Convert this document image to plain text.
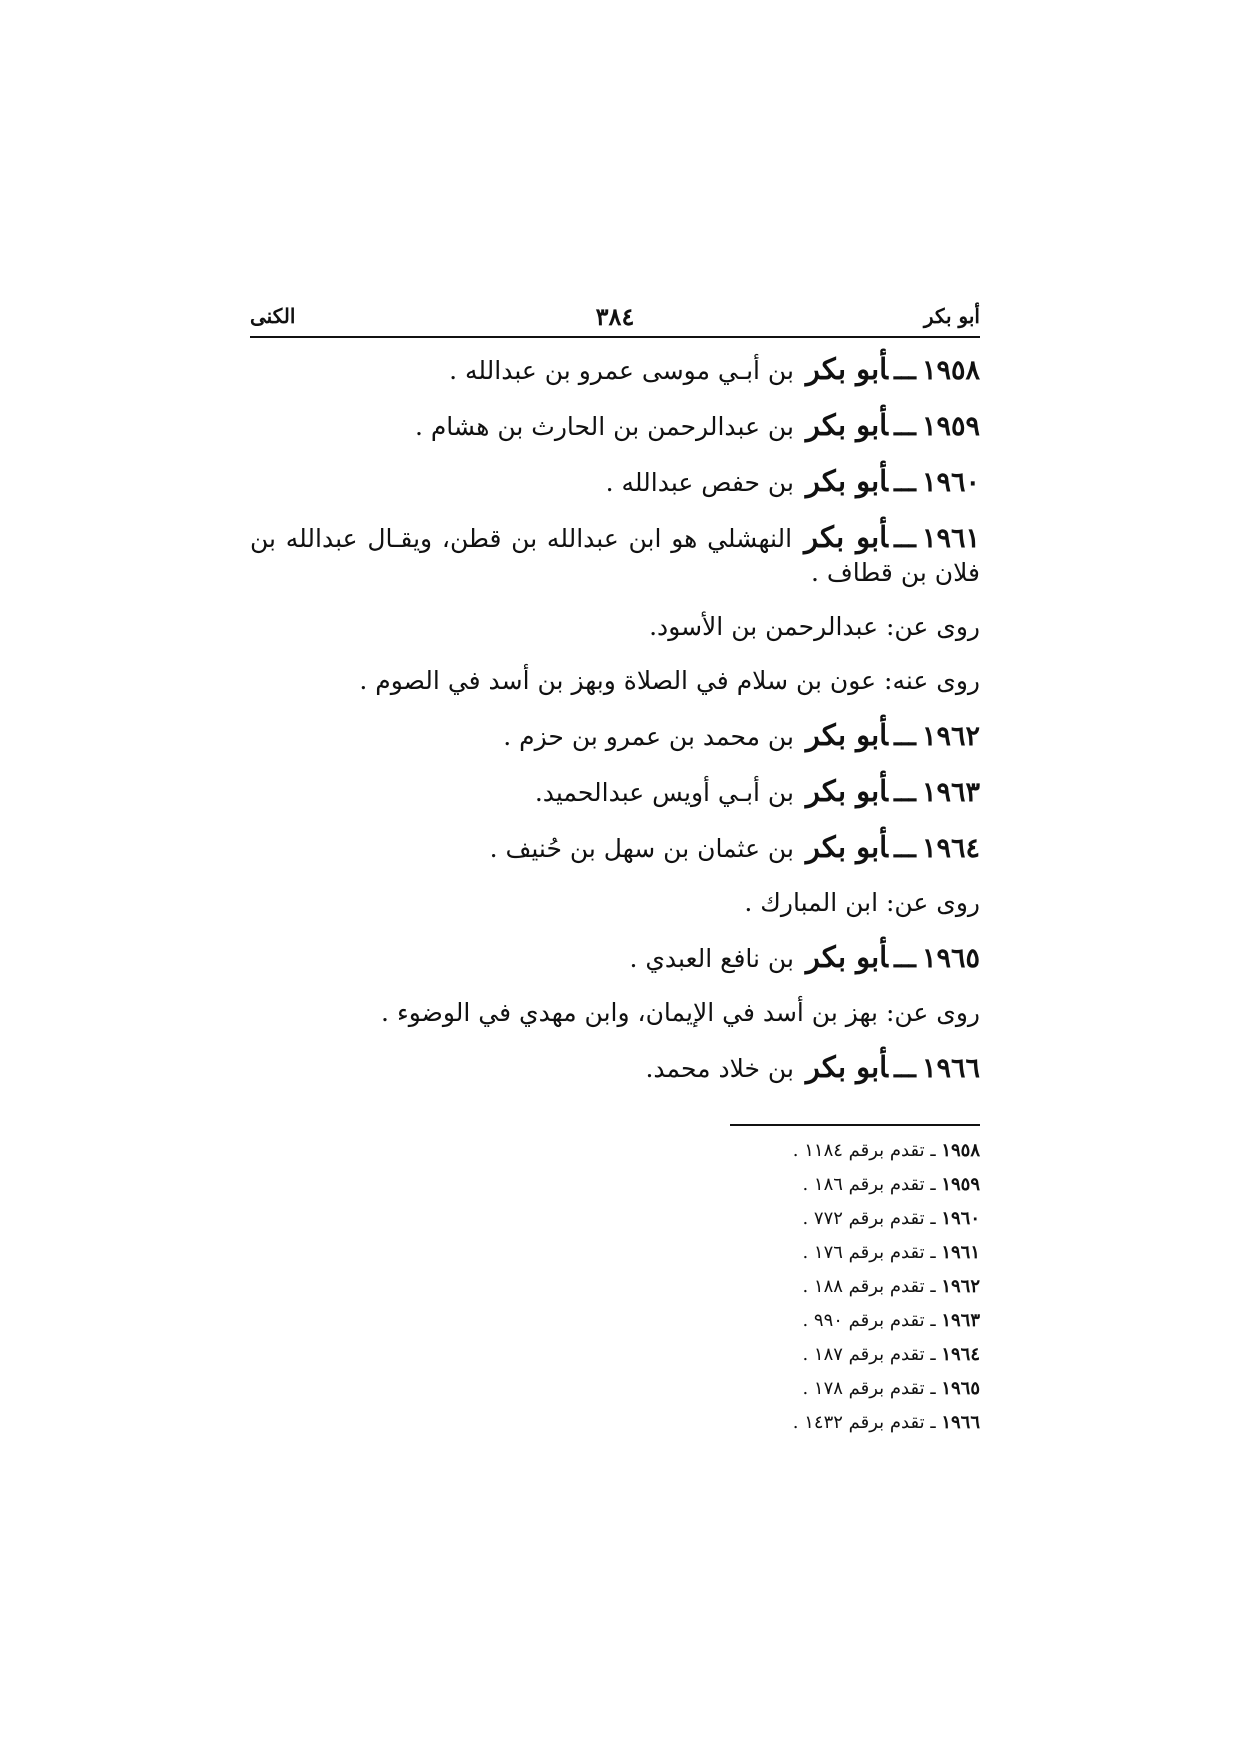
أبو بكر
٣٨٤
الكنى
١٩٥٨ـــأبو بكربن أبـي موسى عمرو بن عبدالله .
١٩٥٩ـــأبو بكربن عبدالرحمن بن الحارث بن هشام .
١٩٦٠ـــأبو بكربن حفص عبدالله .
١٩٦١ـــأبو بكرالنهشلي هو ابن عبدالله بن قطن، ويقـال عبدالله بن فلان بن قطاف .
روى عن: عبدالرحمن بن الأسود.
روى عنه: عون بن سلام في الصلاة وبهز بن أسد في الصوم .
١٩٦٢ـــأبو بكربن محمد بن عمرو بن حزم .
١٩٦٣ـــأبو بكربن أبـي أويس عبدالحميد.
١٩٦٤ـــأبو بكربن عثمان بن سهل بن حُنيف .
روى عن: ابن المبارك .
١٩٦٥ـــأبو بكربن نافع العبدي .
روى عن: بهز بن أسد في الإيمان، وابن مهدي في الوضوء .
١٩٦٦ـــأبو بكربن خلاد محمد.
١٩٥٨ ـ تقدم برقم ١١٨٤ .
١٩٥٩ ـ تقدم برقم ١٨٦ .
١٩٦٠ ـ تقدم برقم ٧٧٢ .
١٩٦١ ـ تقدم برقم ١٧٦ .
١٩٦٢ ـ تقدم برقم ١٨٨ .
١٩٦٣ ـ تقدم برقم ٩٩٠ .
١٩٦٤ ـ تقدم برقم ١٨٧ .
١٩٦٥ ـ تقدم برقم ١٧٨ .
١٩٦٦ ـ تقدم برقم ١٤٣٢ .
